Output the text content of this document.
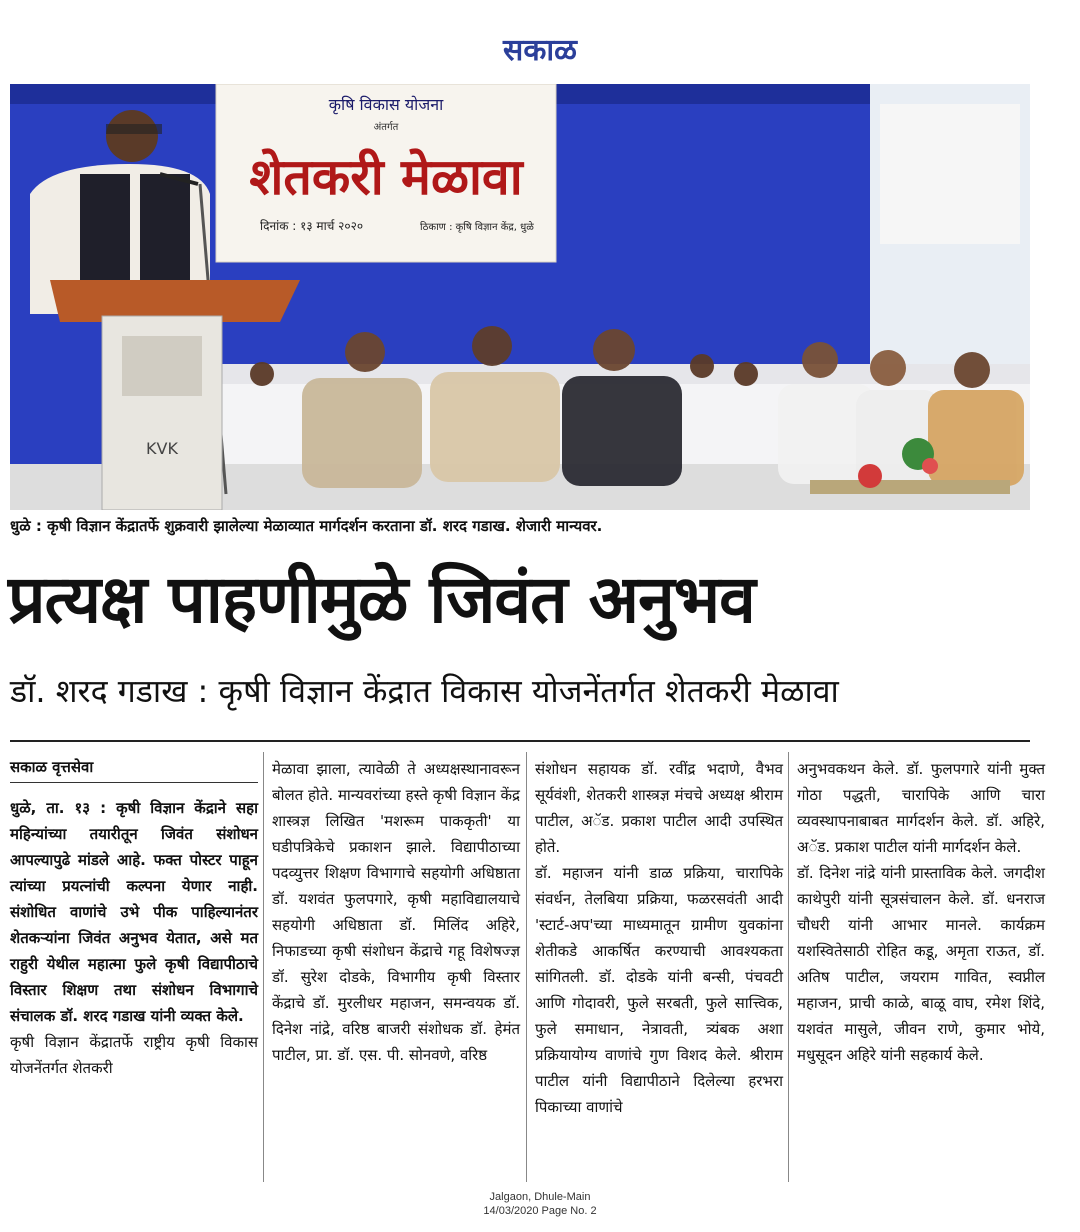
सकाळ
कृषि विकास योजना
अंतर्गत
शेतकरी मेळावा
दिनांक : १३ मार्च २०२०	ठिकाण : कृषि विज्ञान केंद्र, धुळे
KVK
धुळे : कृषी विज्ञान केंद्रातर्फे शुक्रवारी झालेल्या मेळाव्यात मार्गदर्शन करताना डॉ. शरद गडाख. शेजारी मान्यवर.
प्रत्यक्ष पाहणीमुळे जिवंत अनुभव
डॉ. शरद गडाख : कृषी विज्ञान केंद्रात विकास योजनेंतर्गत शेतकरी मेळावा
सकाळ वृत्तसेवा

धुळे, ता. १३ : कृषी विज्ञान केंद्राने सहा महिन्यांच्या तयारीतून जिवंत संशोधन आपल्यापुढे मांडले आहे. फक्त पोस्टर पाहून त्यांच्या प्रयत्नांची कल्पना येणार नाही. संशोधित वाणांचे उभे पीक पाहिल्यानंतर शेतकऱ्यांना जिवंत अनुभव येतात, असे मत राहुरी येथील महात्मा फुले कृषी विद्यापीठाचे विस्तार शिक्षण तथा संशोधन विभागाचे संचालक डॉ. शरद गडाख यांनी व्यक्त केले.

कृषी विज्ञान केंद्रातर्फे राष्ट्रीय कृषी विकास योजनेंतर्गत शेतकरी

मेळावा झाला, त्यावेळी ते अध्यक्षस्थानावरून बोलत होते. मान्यवरांच्या हस्ते कृषी विज्ञान केंद्र शास्त्रज्ञ लिखित 'मशरूम पाककृती' या घडीपत्रिकेचे प्रकाशन झाले. विद्यापीठाच्या पदव्युत्तर शिक्षण विभागाचे सहयोगी अधिष्ठाता डॉ. यशवंत फुलपगारे, कृषी महाविद्यालयाचे सहयोगी अधिष्ठाता डॉ. मिलिंद अहिरे, निफाडच्या कृषी संशोधन केंद्राचे गहू विशेषज्ज्ञ डॉ. सुरेश दोडके, विभागीय कृषी विस्तार केंद्राचे डॉ. मुरलीधर महाजन, समन्वयक डॉ. दिनेश नांद्रे, वरिष्ठ बाजरी संशोधक डॉ. हेमंत पाटील, प्रा. डॉ. एस. पी. सोनवणे, वरिष्ठ

संशोधन सहायक डॉ. रवींद्र भदाणे, वैभव सूर्यवंशी, शेतकरी शास्त्रज्ञ मंचचे अध्यक्ष श्रीराम पाटील, अॅड. प्रकाश पाटील आदी उपस्थित होते.

डॉ. महाजन यांनी डाळ प्रक्रिया, चारापिके संवर्धन, तेलबिया प्रक्रिया, फळरसवंती आदी 'स्टार्ट-अप'च्या माध्यमातून ग्रामीण युवकांना शेतीकडे आकर्षित करण्याची आवश्यकता सांगितली. डॉ. दोडके यांनी बन्सी, पंचवटी आणि गोदावरी, फुले सरबती, फुले सात्त्विक, फुले समाधान, नेत्रावती, त्र्यंबक अशा प्रक्रियायोग्य वाणांचे गुण विशद केले. श्रीराम पाटील यांनी विद्यापीठाने दिलेल्या हरभरा पिकाच्या वाणांचे

अनुभवकथन केले. डॉ. फुलपगारे यांनी मुक्त गोठा पद्धती, चारापिके आणि चारा व्यवस्थापनाबाबत मार्गदर्शन केले. डॉ. अहिरे, अॅड. प्रकाश पाटील यांनी मार्गदर्शन केले.

डॉ. दिनेश नांद्रे यांनी प्रास्ताविक केले. जगदीश काथेपुरी यांनी सूत्रसंचालन केले. डॉ. धनराज चौधरी यांनी आभार मानले. कार्यक्रम यशस्वितेसाठी रोहित कडू, अमृता राऊत, डॉ. अतिष पाटील, जयराम गावित, स्वप्नील महाजन, प्राची काळे, बाळू वाघ, रमेश शिंदे, यशवंत मासुले, जीवन राणे, कुमार भोये, मधुसूदन अहिरे यांनी सहकार्य केले.

Jalgaon, Dhule-Main
14/03/2020 Page No. 2
